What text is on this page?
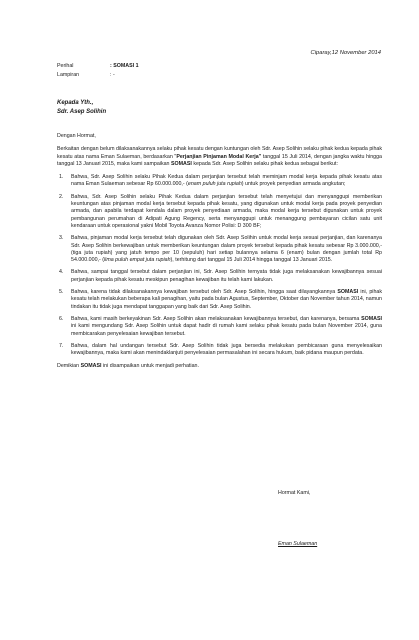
Ciparay,12 November 2014
Perihal	: SOMASI 1
Lampiran	: -
Kepada Yth.,
Sdr. Asep Solihin

Dengan Hormat,

Berkaitan dengan belum dilaksanakannya selaku pihak kesatu dengan kuntungan oleh Sdr. Asep Solihin selaku pihak kedua kepada pihak kesatu atas nama Eman Sulaeman, berdasarkan "Perjanjian Pinjaman Modal Kerja" tanggal 15 Juli 2014, dengan jangka waktu hingga tanggal 13 Januari 2015, maka kami sampaikan SOMASI kepada Sdr. Asep Solihin selaku pihak kedua sebagai berikut:

1.	Bahwa, Sdr. Asep Solihin selaku Pihak Kedua dalam perjanjian tersebut telah meminjam modal kerja kepada pihak kesatu atas nama Eman Sulaeman sebesar Rp 60.000.000,- (enam puluh juta rupiah) untuk proyek penyedian armada angkutan;
2.	Bahwa, Sdr. Asep Solihin selaku Pihak Kedua dalam perjanjian tersebut telah menyetujui dan menyanggupi memberikan keuntungan atas pinjaman modal kerja tersebut kepada pihak kesatu, yang digunakan untuk modal kerja pada proyek penyedian armada, dan apabila terdapat kendala dalam proyek penyediaan armada, maka modal kerja tersebut digunakan untuk proyek pembangunan perumahan di Adipati Agung Regency, serta menyanggupi untuk menanggung pembayaran cicilan satu unit kendaraan untuk operasional yakni Mobil Toyota Avanza Nomor Polisi: D 300 BF;
3.	Bahwa, pinjaman modal kerja tersebut telah digunakan oleh Sdr. Asep Solihin untuk modal kerja sesuai perjanjian, dan karenanya Sdr. Asep Solihin berkewajiban untuk memberikan keuntungan dalam proyek tersebut kepada pihak kesatu sebesar Rp 3.000.000,- (tiga juta rupiah) yang jatuh tempo per 10 (sepuluh) hari setiap bulannya selama 6 (enam) bulan dengan jumlah total Rp 54.000.000,- (lima puluh empat juta rupiah), terhitung dari tanggal 15 Juli 2014 hingga tanggal 13 Januari 2015.
4.	Bahwa, sampai tanggal tersebut dalam perjanjian ini, Sdr. Asep Solihin ternyata tidak juga melaksanakan kewajibannya sesuai perjanjian kepada pihak kesatu meskipun penagihan kewajiban itu telah kami lakukan.
5.	Bahwa, karena tidak dilaksanakannya kewajiban tersebut oleh Sdr. Asep Solihin, hingga saat dilayangkannya SOMASI ini, pihak kesatu telah melakukan beberapa kali penagihan, yaitu pada bulan Agustus, September, Oktober dan November tahun 2014, namun tindakan itu tidak juga mendapat tanggapan yang baik dari Sdr. Asep Solihin.
6.	Bahwa, kami masih berkeyakinan Sdr. Asep Solihin akan melaksanakan kewajibannya tersebut, dan karenanya, bersama SOMASI ini kami mengundang Sdr. Asep Solihin untuk dapat hadir di rumah kami selaku pihak kesatu pada bulan November 2014, guna membicarakan penyelesaian kewajiban tersebut.
7.	Bahwa, dalam hal undangan tersebut Sdr. Asep Solihin tidak juga bersedia melakukan pembicaraan guna menyelesaikan kewajibannya, maka kami akan menindaklanjuti penyelesaian permasalahan ini secara hukum, baik pidana maupun perdata.

Demikian SOMASI ini disampaikan untuk menjadi perhatian.

Hormat Kami,
Eman Sulaeman
